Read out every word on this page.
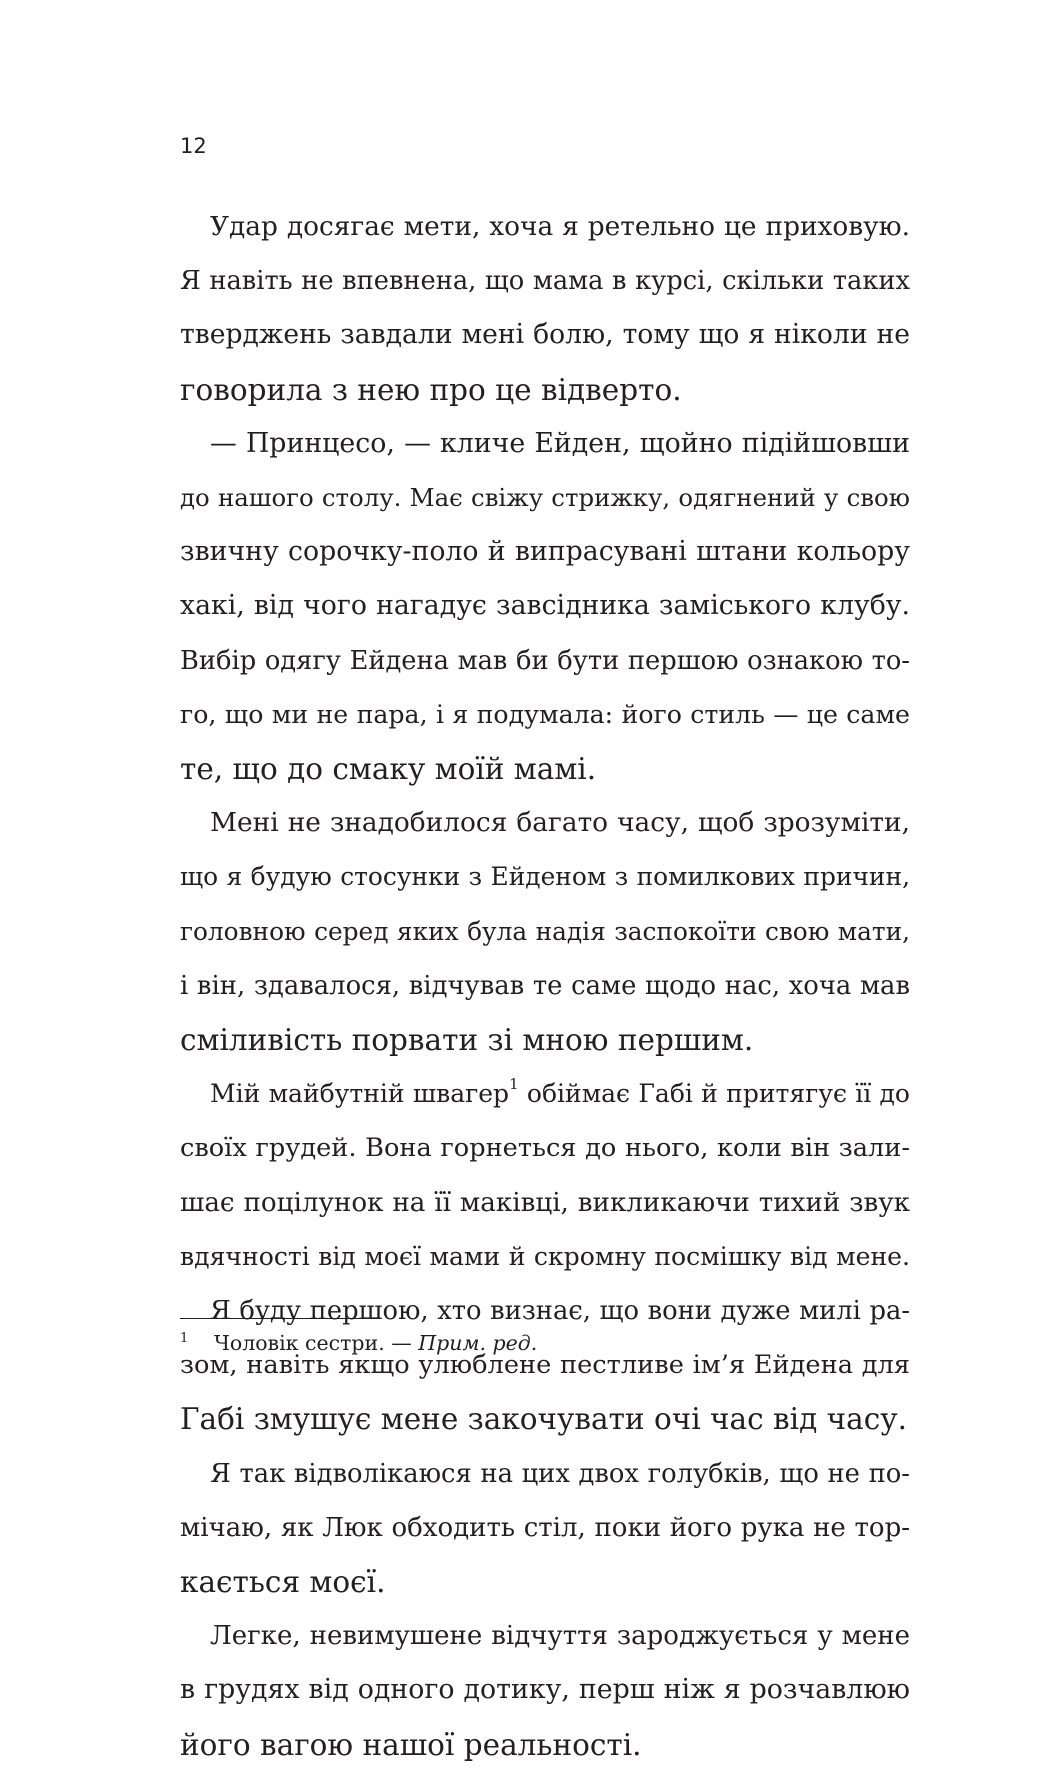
12
Удар досягає мети, хоча я ретельно це приховую.
Я навіть не впевнена, що мама в курсі, скільки таких
тверджень завдали мені болю, тому що я ніколи не
говорила з нею про це відверто.
— Принцесо, — кличе Ейден, щойно підійшовши
до нашого столу. Має свіжу стрижку, одягнений у свою
звичну сорочку-поло й випрасувані штани кольору
хакі, від чого нагадує завсідника заміського клубу.
Вибір одягу Ейдена мав би бути першою ознакою то-
го, що ми не пара, і я подумала: його стиль — це саме
те, що до смаку моїй мамі.
Мені не знадобилося багато часу, щоб зрозуміти,
що я будую стосунки з Ейденом з помилкових причин,
головною серед яких була надія заспокоїти свою мати,
і він, здавалося, відчував те саме щодо нас, хоча мав
сміливість порвати зі мною першим.
Мій майбутній швагер$^1$ обіймає Габі й притягує її до
своїх грудей. Вона горнеться до нього, коли він зали-
шає поцілунок на її маківці, викликаючи тихий звук
вдячності від моєї мами й скромну посмішку від мене.
Я буду першою, хто визнає, що вони дуже милі ра-
зом, навіть якщо улюблене пестливе ім’я Ейдена для
Габі змушує мене закочувати очі час від часу.
Я так відволікаюся на цих двох голубків, що не по-
мічаю, як Люк обходить стіл, поки його рука не тор-
кається моєї.
Легке, невимушене відчуття зароджується у мене
в грудях від одного дотику, перш ніж я розчавлюю
його вагою нашої реальності.
1 Чоловік сестри. — Прим. ред.
